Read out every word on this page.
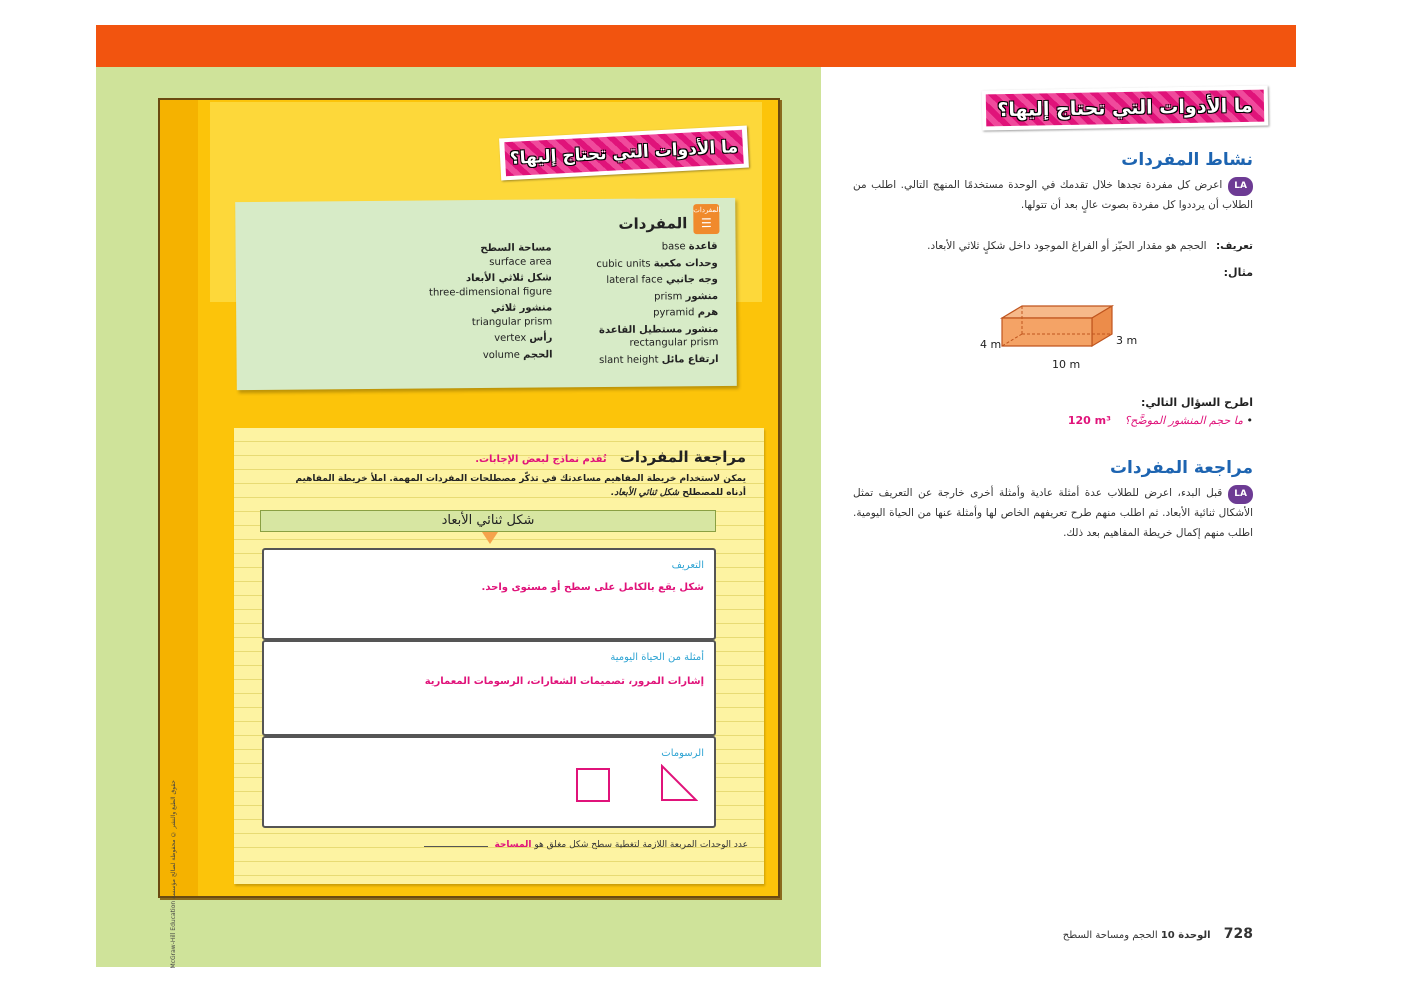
McGraw-Hill Education حقوق الطبع والنشر © محفوظة لصالح مؤسسة
ما الأدوات التي تحتاج إليها؟
المفردات
☰
المفردات
قاعدة base
وحدات مكعبة cubic units
وجه جانبي lateral face
منشور prism
هرم pyramid
منشور مستطيل القاعدة
rectangular prism
ارتفاع مائل slant height
مساحة السطح
surface area
شكل ثلاثي الأبعاد
three-dimensional figure
منشور ثلاثي
triangular prism
رأس vertex
الحجم volume
مراجعة المفردات تُقدم نماذج لبعض الإجابات.
يمكن لاستخدام خريطة المفاهيم مساعدتك في تذكّر مصطلحات المفردات المهمة. املأ خريطة المفاهيم أدناه للمصطلح شكل ثنائي الأبعاد.
شكل ثنائي الأبعاد
التعريف
شكل يقع بالكامل على سطح أو مستوى واحد.
أمثلة من الحياة اليومية
إشارات المرور، تصميمات الشعارات، الرسومات المعمارية
الرسومات
عدد الوحدات المربعة اللازمة لتغطية سطح شكل مغلق هو المساحة
ما الأدوات التي تحتاج إليها؟
نشاط المفردات
LAاعرض كل مفردة تجدها خلال تقدمك في الوحدة مستخدمًا المنهج التالي. اطلب من الطلاب أن يرددوا كل مفردة بصوت عالٍ بعد أن تتولها.
تعريف: الحجم هو مقدار الحيّز أو الفراغ الموجود داخل شكلٍ ثلاثي الأبعاد.
مثال:
4 m	3 m
10 m
اطرح السؤال التالي:
• ما حجم المنشور الموضَّح؟ 120 m³
مراجعة المفردات
LAقبل البدء، اعرض للطلاب عدة أمثلة عادية وأمثلة أخرى خارجة عن التعريف تمثل الأشكال ثنائية الأبعاد. ثم اطلب منهم طرح تعريفهم الخاص لها وأمثلة عنها من الحياة اليومية. اطلب منهم إكمال خريطة المفاهيم بعد ذلك.
728 الوحدة 10 الحجم ومساحة السطح
